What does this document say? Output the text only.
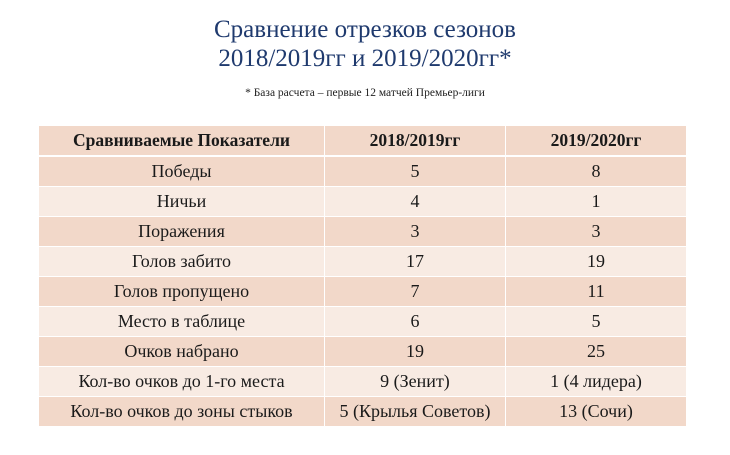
Сравнение отрезков сезонов
2018/2019гг и 2019/2020гг*
* База расчета – первые 12 матчей Премьер-лиги
Сравниваемые Показатели	2018/2019гг	2019/2020гг
Победы	5	8
Ничьи	4	1
Поражения	3	3
Голов забито	17	19
Голов пропущено	7	11
Место в таблице	6	5
Очков набрано	19	25
Кол-во очков до 1-го места	9 (Зенит)	1 (4 лидера)
Кол-во очков до зоны стыков	5 (Крылья Советов)	13 (Сочи)
